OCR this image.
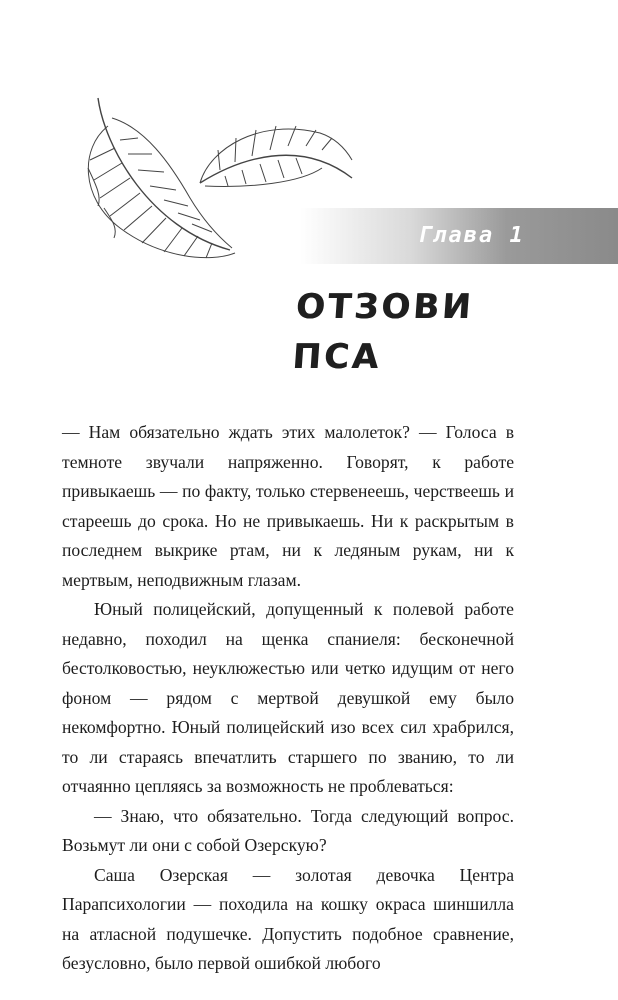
Глава 1
ОТЗОВИ ПСА

— Нам обязательно ждать этих малолеток? — Голоса в темноте звучали напряженно. Говорят, к работе привыкаешь — по факту, только стервенеешь, черствеешь и стареешь до срока. Но не привыкаешь. Ни к раскрытым в последнем выкрике ртам, ни к ледяным рукам, ни к мертвым, неподвижным глазам.

Юный полицейский, допущенный к полевой работе недавно, походил на щенка спаниеля: бесконечной бестолковостью, неуклюжестью или четко идущим от него фоном — рядом с мертвой девушкой ему было некомфортно. Юный полицейский изо всех сил храбрился, то ли стараясь впечатлить старшего по званию, то ли отчаянно цепляясь за возможность не проблеваться:

— Знаю, что обязательно. Тогда следующий вопрос. Возьмут ли они с собой Озерскую?

Саша Озерская — золотая девочка Центра Парапсихологии — походила на кошку окраса шиншилла на атласной подушечке. Допустить подобное сравнение, безусловно, было первой ошибкой любого
